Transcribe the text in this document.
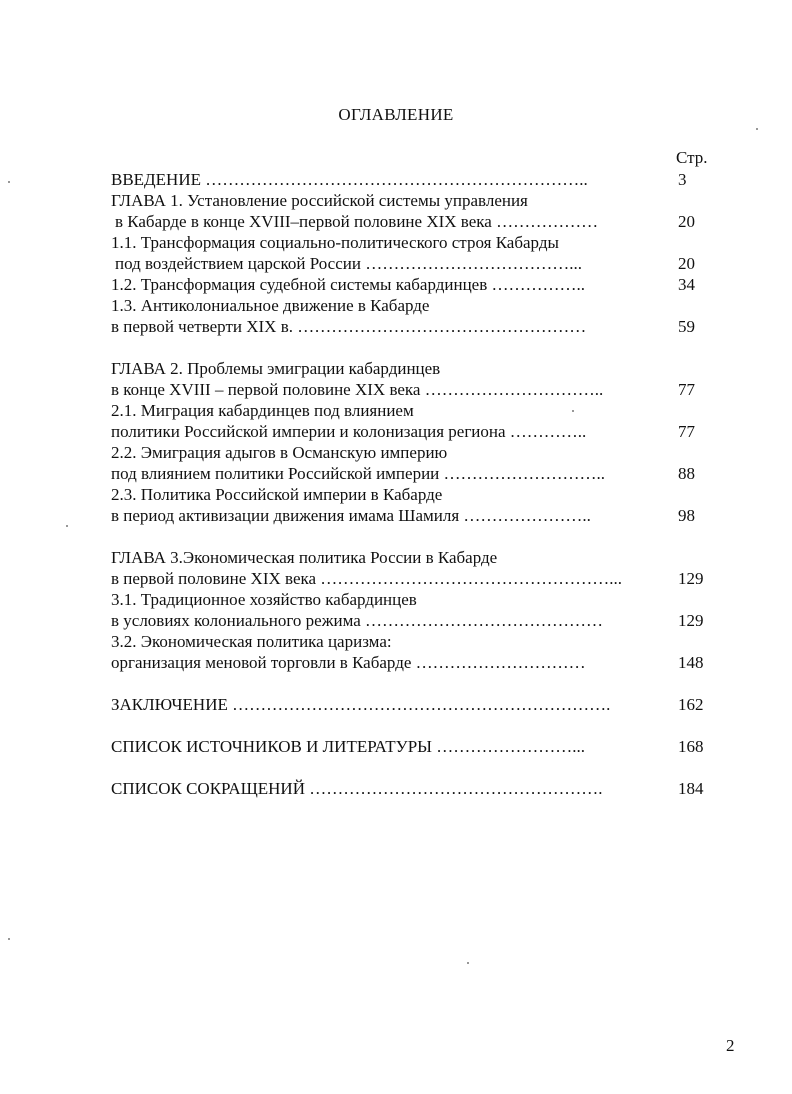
ОГЛАВЛЕНИЕ
Стр.
ВВЕДЕНИЕ …………………………………………………………..	3
ГЛАВА 1. Установление российской системы управления
в Кабарде в конце XVIII–первой половине XIX века ………………	20
1.1. Трансформация социально-политического строя Кабарды
под воздействием царской России ………………………………...	20
1.2. Трансформация судебной системы кабардинцев ……………..	34
1.3. Антиколониальное движение в Кабарде
в первой четверти XIX в. ……………………………………………	59
ГЛАВА 2. Проблемы эмиграции кабардинцев
в конце XVIII – первой половине XIX века …………………………..	77
2.1. Миграция кабардинцев под влиянием
политики Российской империи и колонизация региона …………..	77
2.2. Эмиграция адыгов в Османскую империю
под влиянием политики Российской империи ………………………..	88
2.3. Политика Российской империи в Кабарде
в период активизации движения имама Шамиля …………………..	98
ГЛАВА 3.Экономическая политика России в Кабарде
в первой половине XIX века ……………………………………………...	129
3.1. Традиционное хозяйство кабардинцев
в условиях колониального режима ……………………………………	129
3.2. Экономическая политика царизма:
организация меновой торговли в Кабарде …………………………	148
ЗАКЛЮЧЕНИЕ ………………………………………………………….	162
СПИСОК ИСТОЧНИКОВ И ЛИТЕРАТУРЫ ……………………...	168
СПИСОК СОКРАЩЕНИЙ …………………………………………….	184
2
